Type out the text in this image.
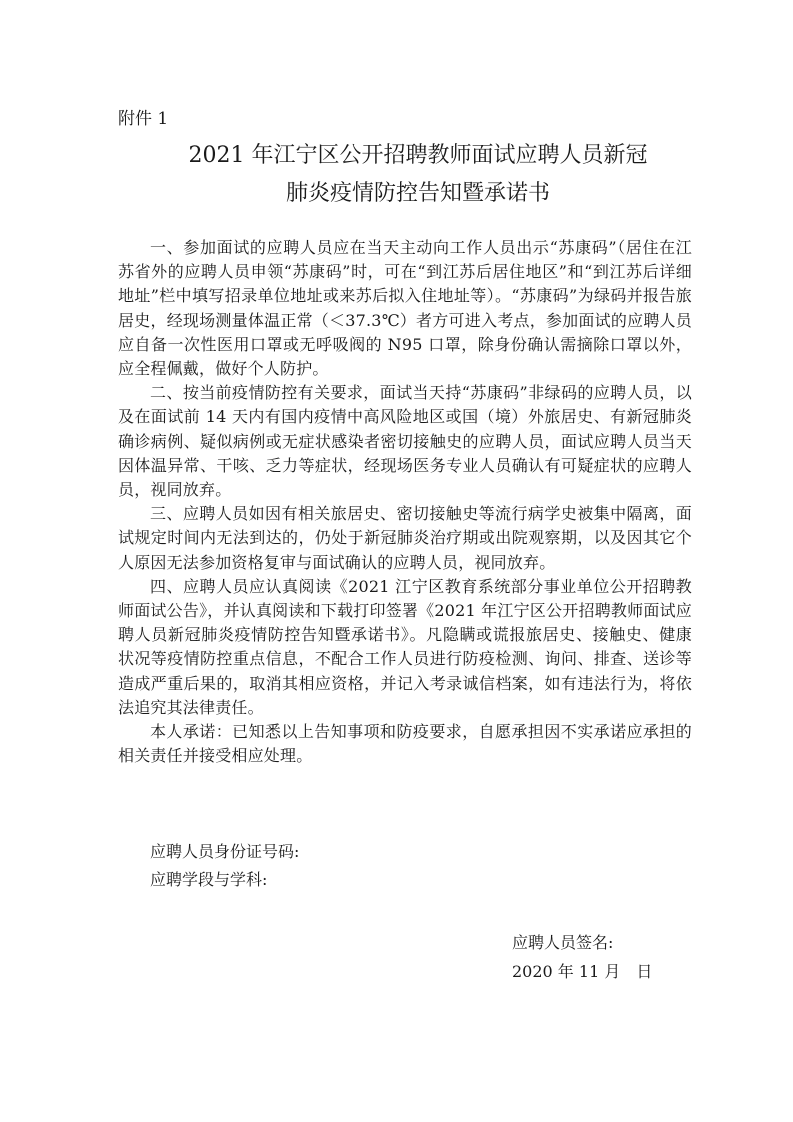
附件 1
2021 年江宁区公开招聘教师面试应聘人员新冠
肺炎疫情防控告知暨承诺书

一、参加面试的应聘人员应在当天主动向工作人员出示“苏康码”（居住在江苏省外的应聘人员申领“苏康码”时，可在“到江苏后居住地区”和“到江苏后详细地址”栏中填写招录单位地址或来苏后拟入住地址等）。“苏康码”为绿码并报告旅居史，经现场测量体温正常（＜37.3℃）者方可进入考点，参加面试的应聘人员应自备一次性医用口罩或无呼吸阀的 N95 口罩，除身份确认需摘除口罩以外，应全程佩戴，做好个人防护。

二、按当前疫情防控有关要求，面试当天持“苏康码”非绿码的应聘人员，以及在面试前 14 天内有国内疫情中高风险地区或国（境）外旅居史、有新冠肺炎确诊病例、疑似病例或无症状感染者密切接触史的应聘人员，面试应聘人员当天因体温异常、干咳、乏力等症状，经现场医务专业人员确认有可疑症状的应聘人员，视同放弃。

三、应聘人员如因有相关旅居史、密切接触史等流行病学史被集中隔离，面试规定时间内无法到达的，仍处于新冠肺炎治疗期或出院观察期，以及因其它个人原因无法参加资格复审与面试确认的应聘人员，视同放弃。

四、应聘人员应认真阅读《2021 江宁区教育系统部分事业单位公开招聘教师面试公告》，并认真阅读和下载打印签署《2021 年江宁区公开招聘教师面试应聘人员新冠肺炎疫情防控告知暨承诺书》。凡隐瞒或谎报旅居史、接触史、健康状况等疫情防控重点信息，不配合工作人员进行防疫检测、询问、排查、送诊等造成严重后果的，取消其相应资格，并记入考录诚信档案，如有违法行为，将依法追究其法律责任。

本人承诺：已知悉以上告知事项和防疫要求，自愿承担因不实承诺应承担的相关责任并接受相应处理。

应聘人员身份证号码:
应聘学段与学科:
应聘人员签名:
2020 年 11 月　日
